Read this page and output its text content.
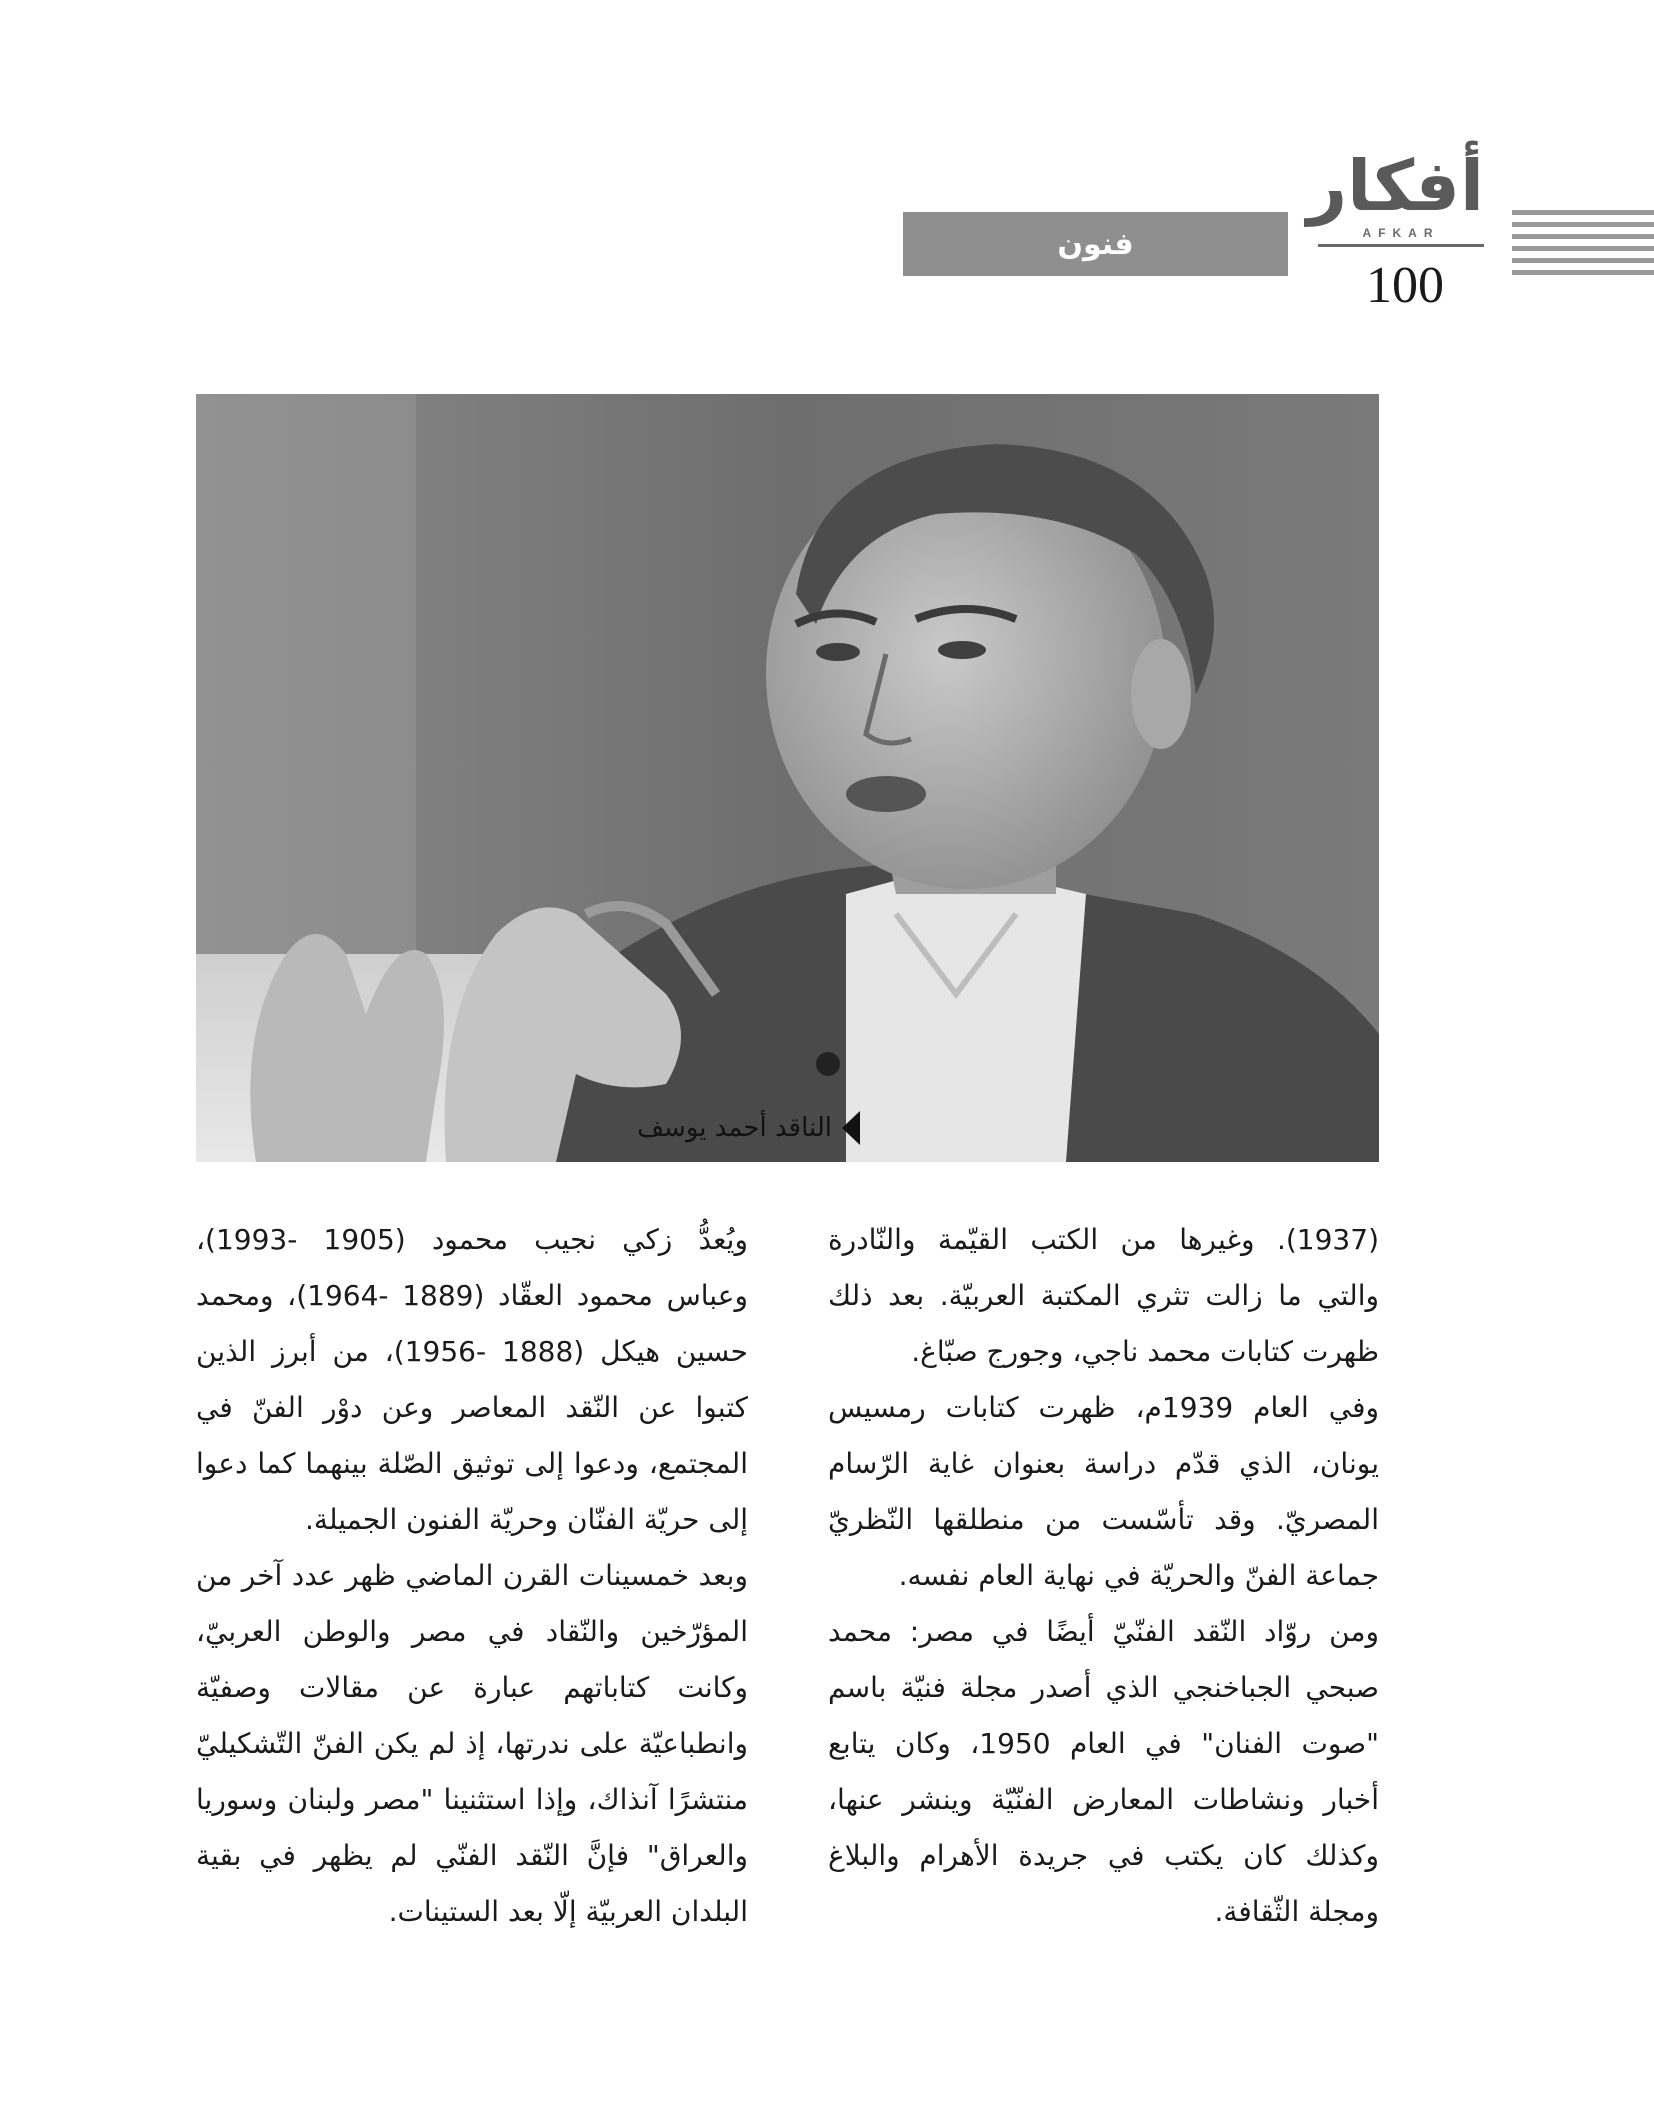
فنون
أفكار
AFKAR
100
الناقد أحمد يوسف

(1937). وغيرها من الكتب القيّمة والنّادرة والتي ما زالت تثري المكتبة العربيّة. بعد ذلك ظهرت كتابات محمد ناجي، وجورج صبّاغ.

وفي العام 1939م، ظهرت كتابات رمسيس يونان، الذي قدّم دراسة بعنوان غاية الرّسام المصريّ. وقد تأسّست من منطلقها النّظريّ جماعة الفنّ والحريّة في نهاية العام نفسه.

ومن روّاد النّقد الفنّيّ أيضًا في مصر: محمد صبحي الجباخنجي الذي أصدر مجلة فنيّة باسم "صوت الفنان" في العام 1950، وكان يتابع أخبار ونشاطات المعارض الفنّيّة وينشر عنها، وكذلك كان يكتب في جريدة الأهرام والبلاغ ومجلة الثّقافة.

ويُعدُّ زكي نجيب محمود (1905 -1993)، وعباس محمود العقّاد (1889 -1964)، ومحمد حسين هيكل (1888 -1956)، من أبرز الذين كتبوا عن النّقد المعاصر وعن دوْر الفنّ في المجتمع، ودعوا إلى توثيق الصّلة بينهما كما دعوا إلى حريّة الفنّان وحريّة الفنون الجميلة.

وبعد خمسينات القرن الماضي ظهر عدد آخر من المؤرّخين والنّقاد في مصر والوطن العربيّ، وكانت كتاباتهم عبارة عن مقالات وصفيّة وانطباعيّة على ندرتها، إذ لم يكن الفنّ التّشكيليّ منتشرًا آنذاك، وإذا استثنينا "مصر ولبنان وسوريا والعراق" فإنَّ النّقد الفنّي لم يظهر في بقية البلدان العربيّة إلّا بعد الستينات.
